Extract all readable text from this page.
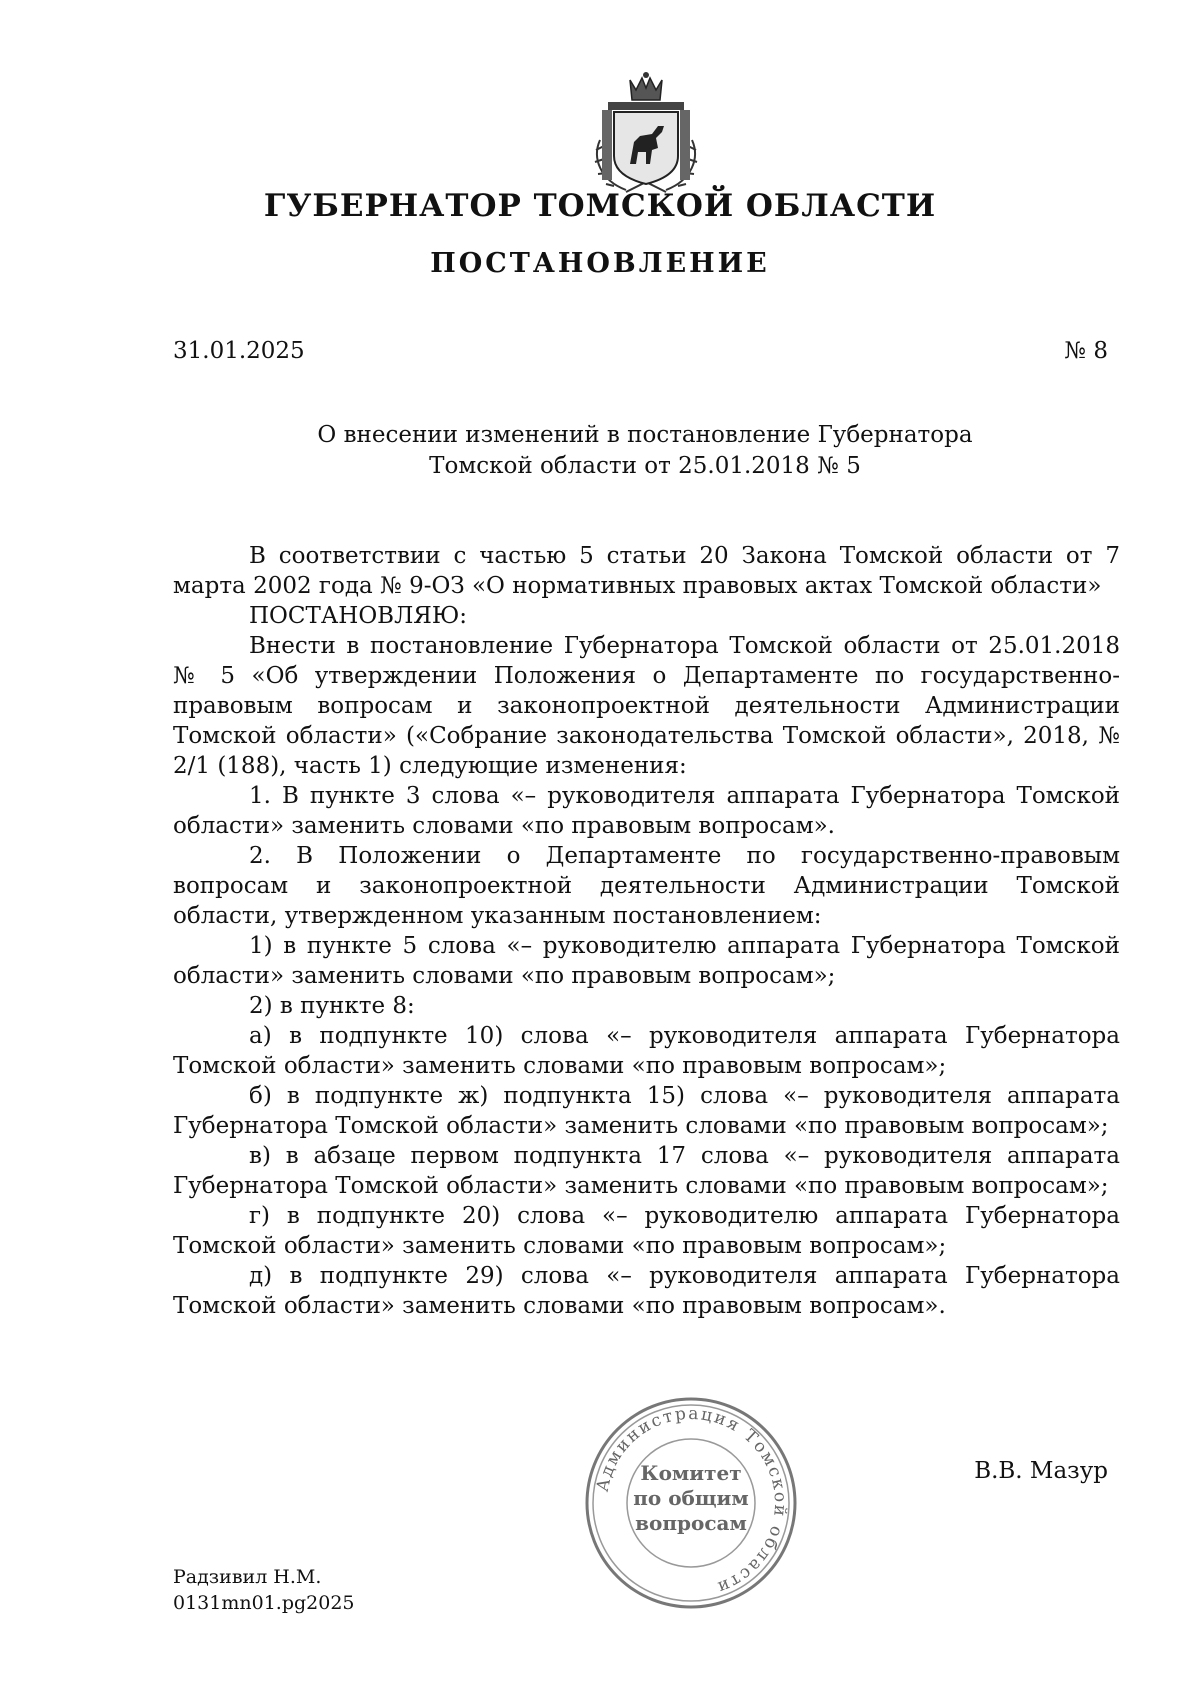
ГУБЕРНАТОР ТОМСКОЙ ОБЛАСТИ
ПОСТАНОВЛЕНИЕ
31.01.2025	№ 8
О внесении изменений в постановление Губернатора
Томской области от 25.01.2018 № 5

В соответствии с частью 5 статьи 20 Закона Томской области от 7 марта 2002 года № 9-ОЗ «О нормативных правовых актах Томской области»

ПОСТАНОВЛЯЮ:

Внести в постановление Губернатора Томской области от 25.01.2018 № 5 «Об утверждении Положения о Департаменте по государственно-правовым вопросам и законопроектной деятельности Администрации Томской области» («Собрание законодательства Томской области», 2018, № 2/1 (188), часть 1) следующие изменения:

1. В пункте 3 слова «– руководителя аппарата Губернатора Томской области» заменить словами «по правовым вопросам».

2. В Положении о Департаменте по государственно-правовым вопросам и законопроектной деятельности Администрации Томской области, утвержденном указанным постановлением:

1) в пункте 5 слова «– руководителю аппарата Губернатора Томской области» заменить словами «по правовым вопросам»;

2) в пункте 8:

а) в подпункте 10) слова «– руководителя аппарата Губернатора Томской области» заменить словами «по правовым вопросам»;

б) в подпункте ж) подпункта 15) слова «– руководителя аппарата Губернатора Томской области» заменить словами «по правовым вопросам»;

в) в абзаце первом подпункта 17 слова «– руководителя аппарата Губернатора Томской области» заменить словами «по правовым вопросам»;

г) в подпункте 20) слова «– руководителю аппарата Губернатора Томской области» заменить словами «по правовым вопросам»;

д) в подпункте 29) слова «– руководителя аппарата Губернатора Томской области» заменить словами «по правовым вопросам».

Администрация Томской области
Комитет
по общим
вопросам
В.В. Мазур
Радзивил Н.М.
0131mn01.pg2025
